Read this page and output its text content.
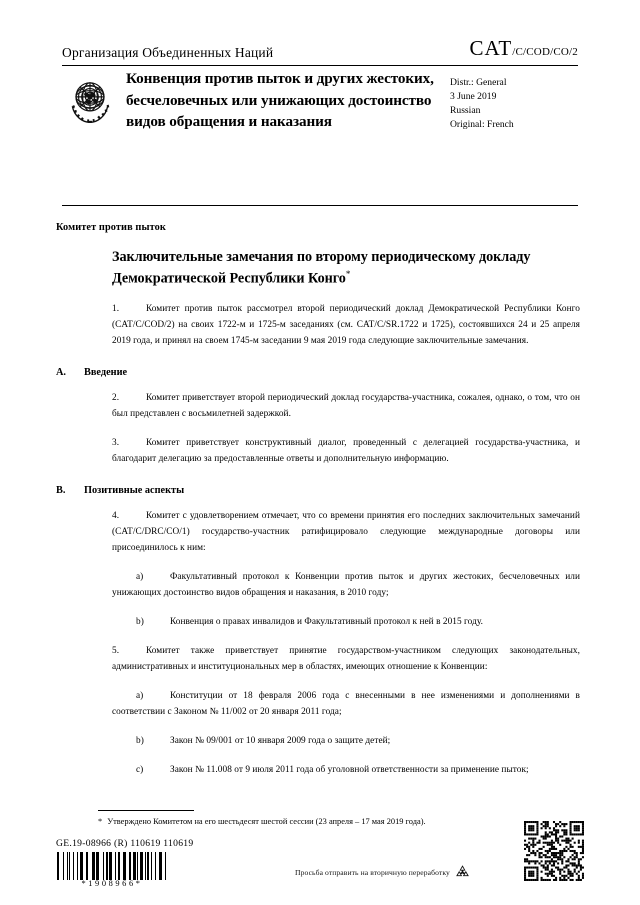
Организация Объединенных Наций	CAT/C/COD/CO/2
Конвенция против пыток и других жестоких, бесчеловечных или унижающих достоинство видов обращения и наказания
Distr.: General
3 June 2019
Russian
Original: French
Комитет против пыток
Заключительные замечания по второму периодическому докладу Демократической Республики Конго*

1.	Комитет против пыток рассмотрел второй периодический доклад Демократической Республики Конго (CAT/C/COD/2) на своих 1722-м и 1725-м заседаниях (см. CAT/C/SR.1722 и 1725), состоявшихся 24 и 25 апреля 2019 года, и принял на своем 1745-м заседании 9 мая 2019 года следующие заключительные замечания.

A.	Введение

2.	Комитет приветствует второй периодический доклад государства-участника, сожалея, однако, о том, что он был представлен с восьмилетней задержкой.

3.	Комитет приветствует конструктивный диалог, проведенный с делегацией государства-участника, и благодарит делегацию за предоставленные ответы и дополнительную информацию.

B.	Позитивные аспекты

4.	Комитет с удовлетворением отмечает, что со времени принятия его последних заключительных замечаний (CAT/C/DRC/CO/1) государство-участник ратифицировало следующие международные договоры или присоединилось к ним:

a)	Факультативный протокол к Конвенции против пыток и других жестоких, бесчеловечных или унижающих достоинство видов обращения и наказания, в 2010 году;

b)	Конвенция о правах инвалидов и Факультативный протокол к ней в 2015 году.

5.	Комитет также приветствует принятие государством-участником следующих законодательных, административных и институциональных мер в областях, имеющих отношение к Конвенции:

a)	Конституции от 18 февраля 2006 года с внесенными в нее изменениями и дополнениями в соответствии с Законом № 11/002 от 20 января 2011 года;

b)	Закон № 09/001 от 10 января 2009 года о защите детей;

c)	Закон № 11.008 от 9 июля 2011 года об уголовной ответственности за применение пыток;

* Утверждено Комитетом на его шестьдесят шестой сессии (23 апреля – 17 мая 2019 года).
GE.19-08966 (R) 110619 110619
*1908966*
Просьба отправить на вторичную переработку
